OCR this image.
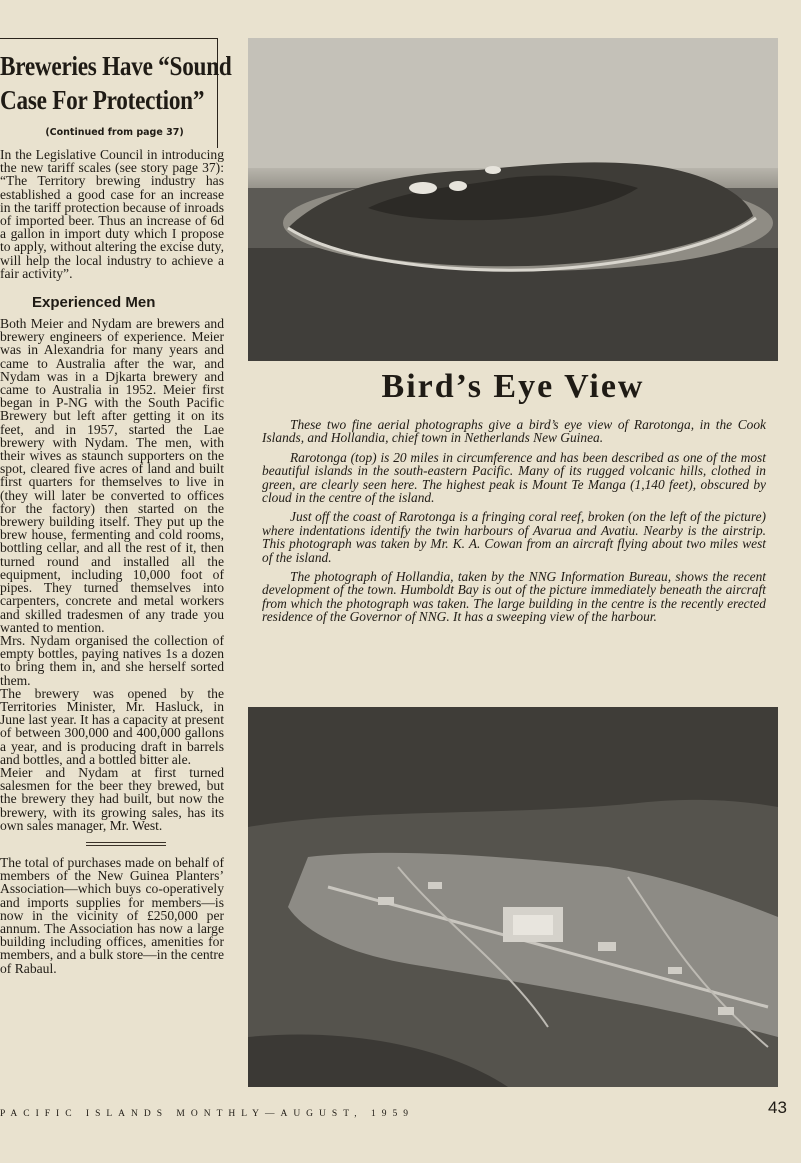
Breweries Have “Sound
Case For Protection”
(Continued from page 37)

In the Legislative Council in introducing the new tariff scales (see story page 37): “The Territory brewing industry has established a good case for an increase in the tariff protection because of inroads of imported beer. Thus an increase of 6d a gallon in import duty which I propose to apply, without altering the excise duty, will help the local industry to achieve a fair activity”.

Experienced Men

Both Meier and Nydam are brewers and brewery engineers of experience. Meier was in Alexandria for many years and came to Australia after the war, and Nydam was in a Djkarta brewery and came to Australia in 1952. Meier first began in P-NG with the South Pacific Brewery but left after getting it on its feet, and in 1957, started the Lae brewery with Nydam. The men, with their wives as staunch supporters on the spot, cleared five acres of land and built first quarters for themselves to live in (they will later be converted to offices for the factory) then started on the brewery building itself. They put up the brew house, fermenting and cold rooms, bottling cellar, and all the rest of it, then turned round and installed all the equipment, including 10,000 foot of pipes. They turned themselves into carpenters, concrete and metal workers and skilled tradesmen of any trade you wanted to mention.

Mrs. Nydam organised the collection of empty bottles, paying natives 1s a dozen to bring them in, and she herself sorted them.

The brewery was opened by the Territories Minister, Mr. Hasluck, in June last year. It has a capacity at present of between 300,000 and 400,000 gallons a year, and is producing draft in barrels and bottles, and a bottled bitter ale.

Meier and Nydam at first turned salesmen for the beer they brewed, but the brewery they had built, but now the brewery, with its growing sales, has its own sales manager, Mr. West.

The total of purchases made on behalf of members of the New Guinea Planters’ Association—which buys co-operatively and imports supplies for members—is now in the vicinity of £250,000 per annum. The Association has now a large building including offices, amenities for members, and a bulk store—in the centre of Rabaul.

Bird’s Eye View

These two fine aerial photographs give a bird’s eye view of Rarotonga, in the Cook Islands, and Hollandia, chief town in Netherlands New Guinea.

Rarotonga (top) is 20 miles in circumference and has been described as one of the most beautiful islands in the south-eastern Pacific. Many of its rugged volcanic hills, clothed in green, are clearly seen here. The highest peak is Mount Te Manga (1,140 feet), obscured by cloud in the centre of the island.

Just off the coast of Rarotonga is a fringing coral reef, broken (on the left of the picture) where indentations identify the twin harbours of Avarua and Avatiu. Nearby is the airstrip. This photograph was taken by Mr. K. A. Cowan from an aircraft flying about two miles west of the island.

The photograph of Hollandia, taken by the NNG Information Bureau, shows the recent development of the town. Humboldt Bay is out of the picture immediately beneath the aircraft from which the photograph was taken. The large building in the centre is the recently erected residence of the Governor of NNG. It has a sweeping view of the harbour.

PACIFIC ISLANDS MONTHLY—AUGUST, 1959	43
